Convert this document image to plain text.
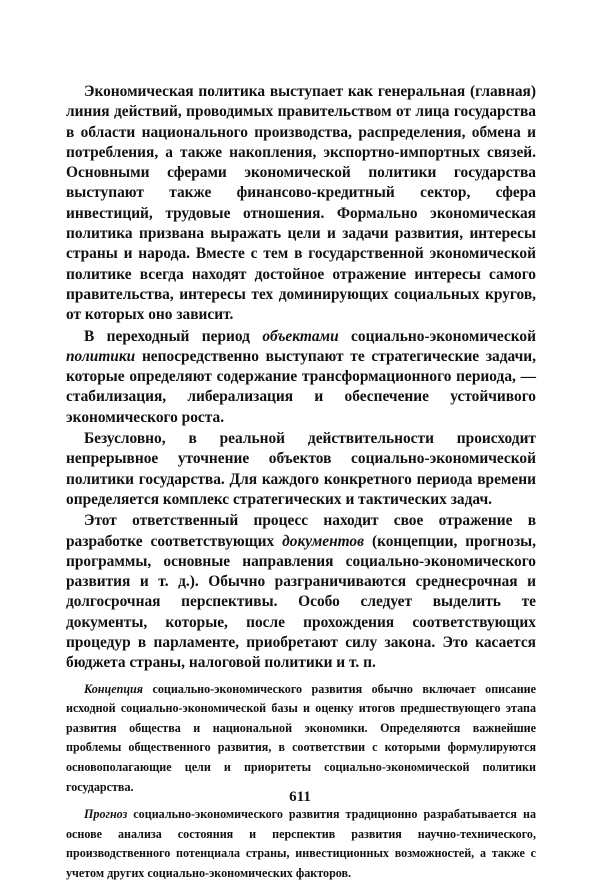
Экономическая политика выступает как генеральная (главная) линия действий, проводимых правительством от лица государства в области национального производства, распределения, обмена и потребления, а также накопления, экспортно-импортных связей. Основными сферами экономической политики государства выступают также финансово-кредитный сектор, сфера инвестиций, трудовые отношения. Формально экономическая политика призвана выражать цели и задачи развития, интересы страны и народа. Вместе с тем в государственной экономической политике всегда находят достойное отражение интересы самого правительства, интересы тех доминирующих социальных кругов, от которых оно зависит.

В переходный период объектами социально-экономической политики непосредственно выступают те стратегические задачи, которые определяют содержание трансформационного периода, — стабилизация, либерализация и обеспечение устойчивого экономического роста.

Безусловно, в реальной действительности происходит непрерывное уточнение объектов социально-экономической политики государства. Для каждого конкретного периода времени определяется комплекс стратегических и тактических задач.

Этот ответственный процесс находит свое отражение в разработке соответствующих документов (концепции, прогнозы, программы, основные направления социально-экономического развития и т. д.). Обычно разграничиваются среднесрочная и долгосрочная перспективы. Особо следует выделить те документы, которые, после прохождения соответствующих процедур в парламенте, приобретают силу закона. Это касается бюджета страны, налоговой политики и т. п.

Концепция социально-экономического развития обычно включает описание исходной социально-экономической базы и оценку итогов предшествующего этапа развития общества и национальной экономики. Определяются важнейшие проблемы общественного развития, в соответствии с которыми формулируются основополагающие цели и приоритеты социально-экономической политики государства.

Прогноз социально-экономического развития традиционно разрабатывается на основе анализа состояния и перспектив развития научно-технического, производственного потенциала страны, инвестиционных возможностей, а также с учетом других социально-экономических факторов.

611
